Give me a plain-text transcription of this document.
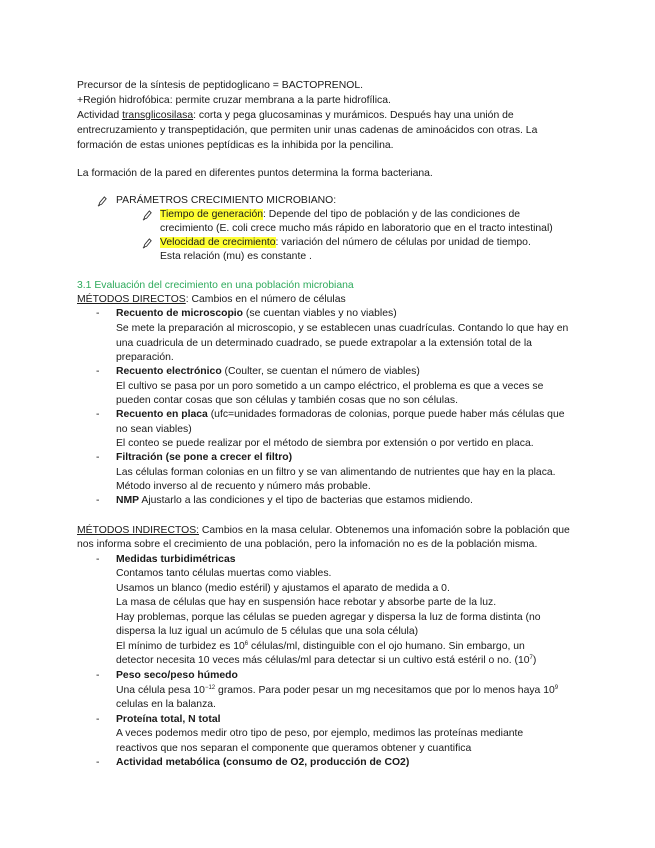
Precursor de la síntesis de peptidoglicano = BACTOPRENOL.
+Región hidrofóbica: permite cruzar membrana a la parte hidrofílica.
Actividad transglicosilasa: corta y pega glucosaminas y murámicos. Después hay una unión de
entrecruzamiento y transpeptidación, que permiten unir unas cadenas de aminoácidos con otras. La
formación de estas uniones peptídicas es la inhibida por la pencilina.
La formación de la pared en diferentes puntos determina la forma bacteriana.
PARÁMETROS CRECIMIENTO MICROBIANO:
Tiempo de generación: Depende del tipo de población y de las condiciones de
crecimiento (E. coli crece mucho más rápido en laboratorio que en el tracto intestinal)
Velocidad de crecimiento: variación del número de células por unidad de tiempo.
Esta relación (mu) es constante .
3.1 Evaluación del crecimiento en una población microbiana
MÉTODOS DIRECTOS: Cambios en el número de células
-	Recuento de microscopio (se cuentan viables y no viables)
Se mete la preparación al microscopio, y se establecen unas cuadrículas. Contando lo que hay en
una cuadricula de un determinado cuadrado, se puede extrapolar a la extensión total de la
preparación.
-	Recuento electrónico (Coulter, se cuentan el número de viables)
El cultivo se pasa por un poro sometido a un campo eléctrico, el problema es que a veces se
pueden contar cosas que son células y también cosas que no son células.
-	Recuento en placa (ufc=unidades formadoras de colonias, porque puede haber más células que
no sean viables)
El conteo se puede realizar por el método de siembra por extensión o por vertido en placa.
-	Filtración (se pone a crecer el filtro)
Las células forman colonias en un filtro y se van alimentando de nutrientes que hay en la placa.
Método inverso al de recuento y número más probable.
-	NMP Ajustarlo a las condiciones y el tipo de bacterias que estamos midiendo.
MÉTODOS INDIRECTOS: Cambios en la masa celular. Obtenemos una infomación sobre la población que
nos informa sobre el crecimiento de una población, pero la infomación no es de la población misma.
-	Medidas turbidimétricas
Contamos tanto células muertas como viables.
Usamos un blanco (medio estéril) y ajustamos el aparato de medida a 0.
La masa de células que hay en suspensión hace rebotar y absorbe parte de la luz.
Hay problemas, porque las células se pueden agregar y dispersa la luz de forma distinta (no
dispersa la luz igual un acúmulo de 5 células que una sola célula)
El mínimo de turbidez es $10^6$ células/ml, distinguible con el ojo humano. Sin embargo, un
detector necesita 10 veces más células/ml para detectar si un cultivo está estéril o no. $(10^7)$
-	Peso seco/peso húmedo
Una célula pesa $10^{-12}$ gramos. Para poder pesar un mg necesitamos que por lo menos haya $10^9$
celulas en la balanza.
-	Proteína total, N total
A veces podemos medir otro tipo de peso, por ejemplo, medimos las proteínas mediante
reactivos que nos separan el componente que queramos obtener y cuantifica
-	Actividad metabólica (consumo de O2, producción de CO2)
